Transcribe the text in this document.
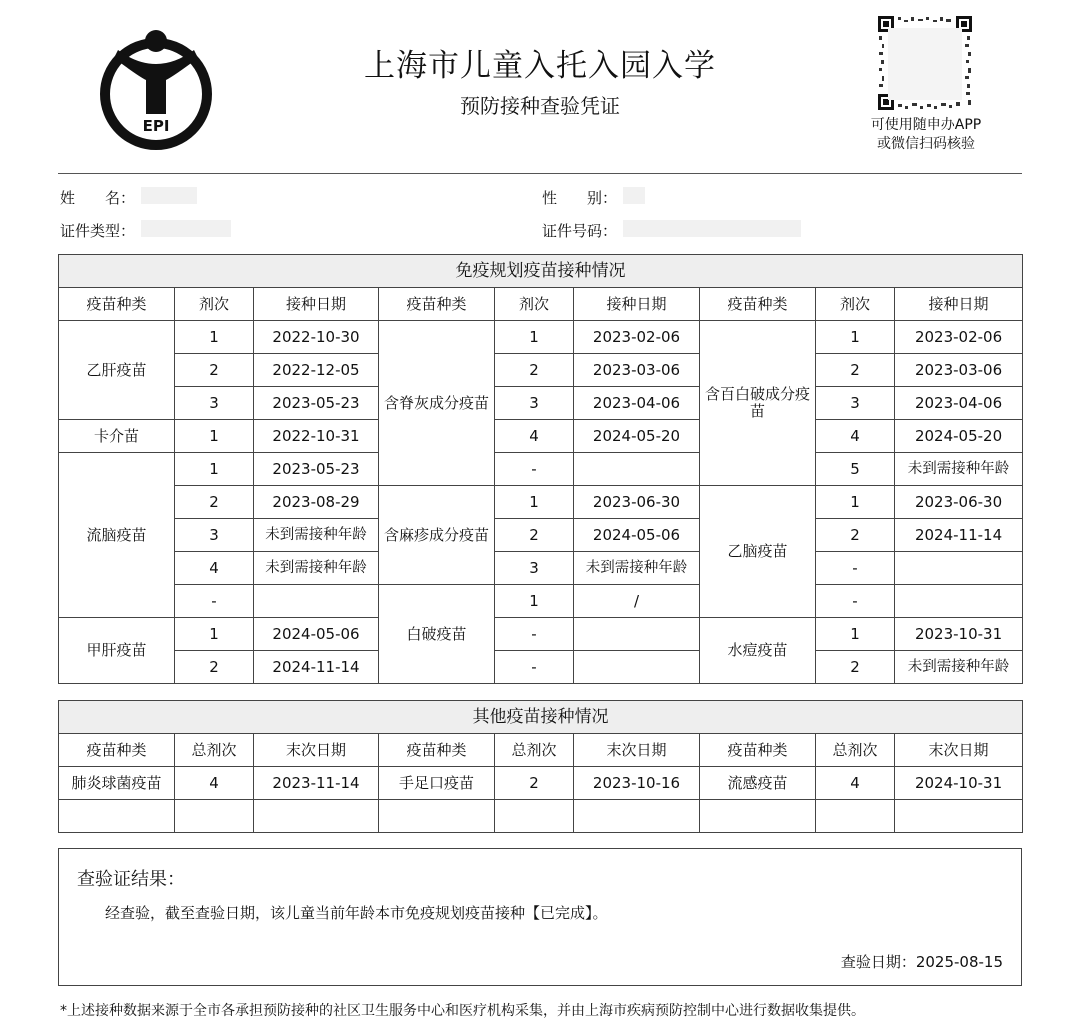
EPI
上海市儿童入托入园入学
预防接种查验凭证
可使用随申办APP
或微信扫码核验
姓　　名：	性　　别：
证件类型：	证件号码：
免疫规划疫苗接种情况								
疫苗种类	剂次	接种日期	疫苗种类	剂次	接种日期	疫苗种类	剂次	接种日期
乙肝疫苗	1	2022-10-30	含脊灰成分疫苗	1	2023-02-06	含百白破成分疫苗	1	2023-02-06
	2	2022-12-05		2	2023-03-06		2	2023-03-06
	3	2023-05-23		3	2023-04-06		3	2023-04-06
卡介苗	1	2022-10-31		4	2024-05-20		4	2024-05-20
流脑疫苗	1	2023-05-23		-			5	未到需接种年龄
	2	2023-08-29	含麻疹成分疫苗	1	2023-06-30	乙脑疫苗	1	2023-06-30
	3	未到需接种年龄		2	2024-05-06		2	2024-11-14
	4	未到需接种年龄		3	未到需接种年龄		-	
	-		白破疫苗	1	/		-	
甲肝疫苗	1	2024-05-06		-		水痘疫苗	1	2023-10-31
	2	2024-11-14		-			2	未到需接种年龄
其他疫苗接种情况								
疫苗种类	总剂次	末次日期	疫苗种类	总剂次	末次日期	疫苗种类	总剂次	末次日期
肺炎球菌疫苗	4	2023-11-14	手足口疫苗	2	2023-10-16	流感疫苗	4	2024-10-31

查验证结果：
经查验，截至查验日期，该儿童当前年龄本市免疫规划疫苗接种【已完成】。
查验日期：2025-08-15
*上述接种数据来源于全市各承担预防接种的社区卫生服务中心和医疗机构采集，并由上海市疾病预防控制中心进行数据收集提供。
